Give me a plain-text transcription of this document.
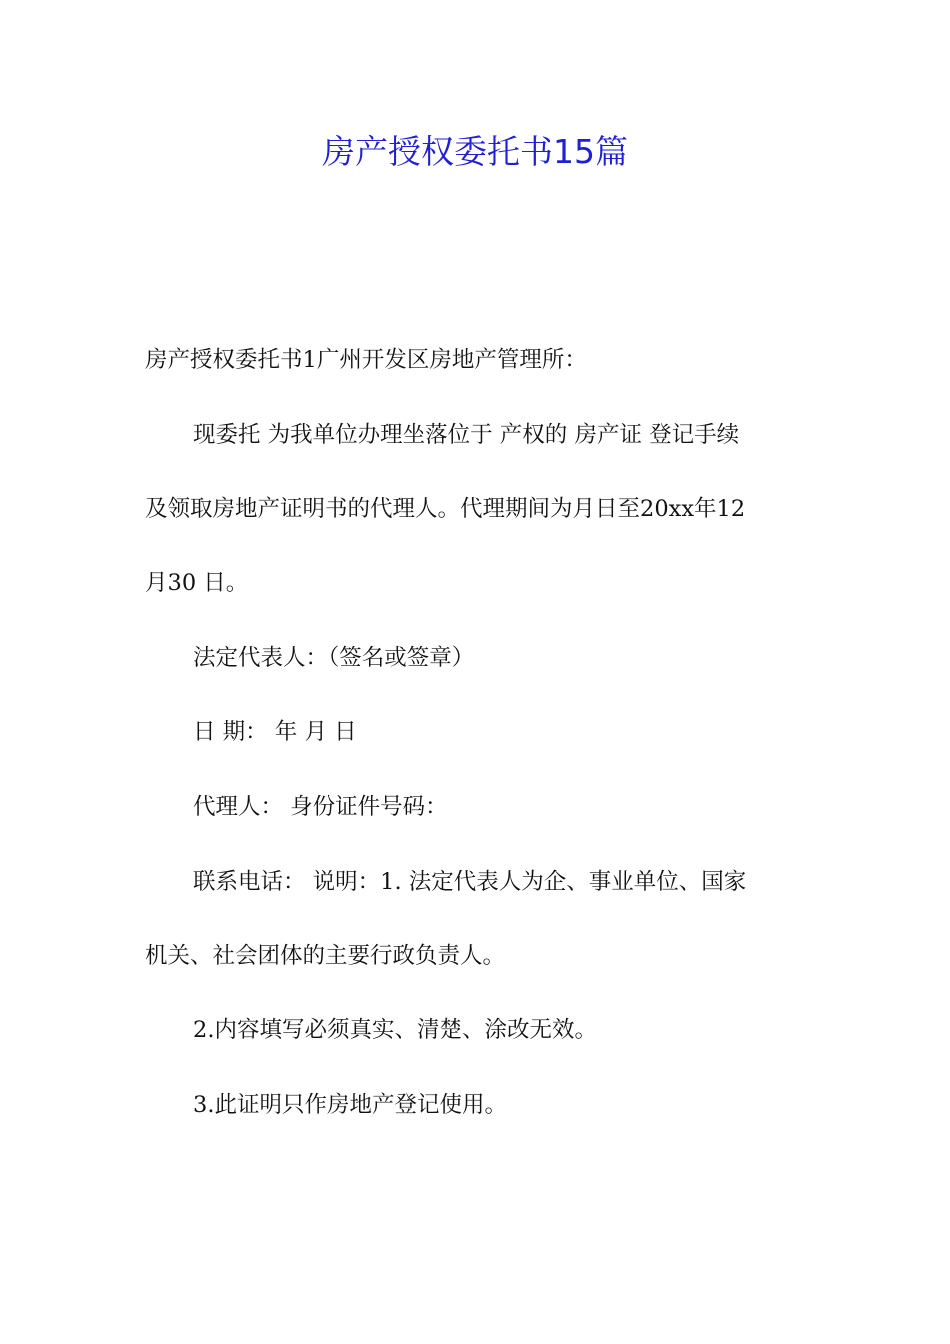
房产授权委托书15篇
房产授权委托书1广州开发区房地产管理所：
现委托 为我单位办理坐落位于 产权的 房产证 登记手续
及领取房地产证明书的代理人。代理期间为月日至20xx年12
月30 日。
法定代表人：（签名或签章）
日 期： 年 月 日
代理人： 身份证件号码：
联系电话： 说明：1. 法定代表人为企、事业单位、国家
机关、社会团体的主要行政负责人。
2.内容填写必须真实、清楚、涂改无效。
3.此证明只作房地产登记使用。
